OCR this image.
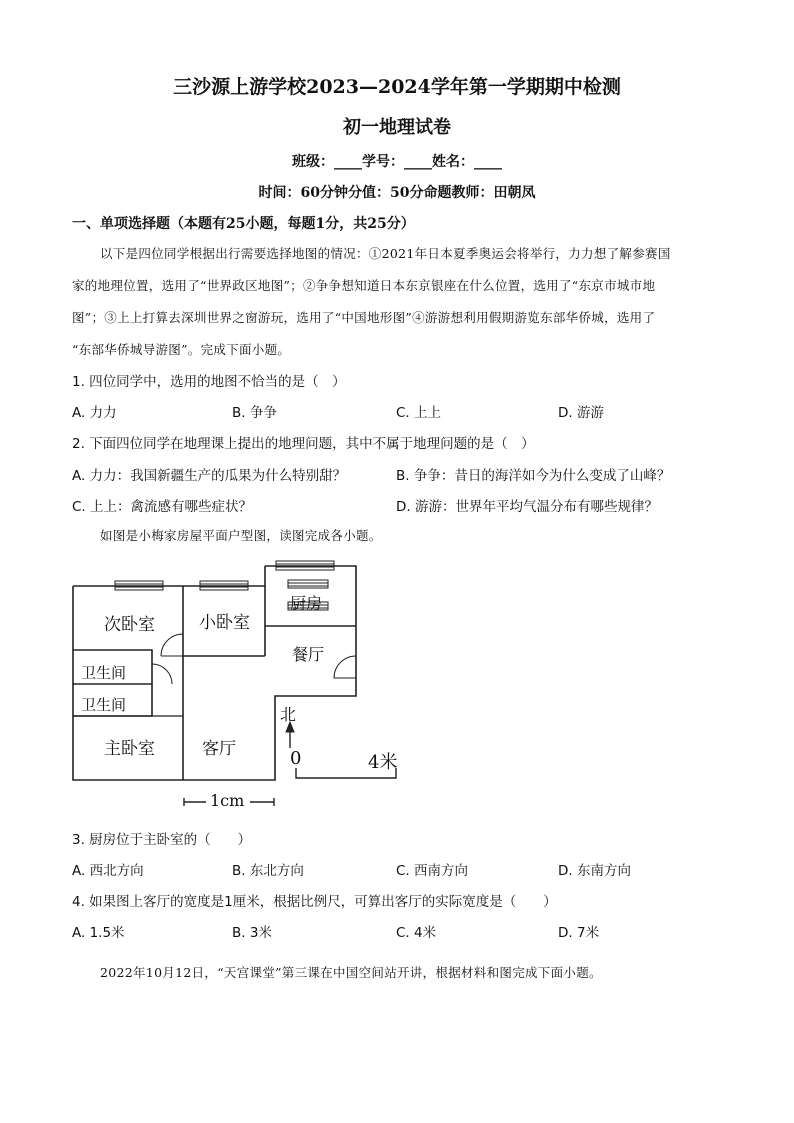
三沙源上游学校2023—2024学年第一学期期中检测
初一地理试卷
班级：____学号：____姓名：____
时间：60分钟分值：50分命题教师：田朝凤
一、单项选择题（本题有25小题，每题1分，共25分）
以下是四位同学根据出行需要选择地图的情况：①2021年日本夏季奥运会将举行，力力想了解参赛国
家的地理位置，选用了“世界政区地图”；②争争想知道日本东京银座在什么位置，选用了“东京市城市地
图”；③上上打算去深圳世界之窗游玩，选用了“中国地形图”④游游想利用假期游览东部华侨城，选用了
“东部华侨城导游图”。完成下面小题。
1. 四位同学中，选用的地图不恰当的是（　）
A. 力力	B. 争争	C. 上上	D. 游游
2. 下面四位同学在地理课上提出的地理问题，其中不属于地理问题的是（　）
A. 力力：我国新疆生产的瓜果为什么特别甜？	B. 争争：昔日的海洋如今为什么变成了山峰？
C. 上上：禽流感有哪些症状？	D. 游游：世界年平均气温分布有哪些规律？
如图是小梅家房屋平面户型图，读图完成各小题。
次卧室	小卧室
厨房
餐厅
卫生间
卫生间
主卧室	客厅
北
0	4米
1cm
3. 厨房位于主卧室的（　　）
A. 西北方向	B. 东北方向	C. 西南方向	D. 东南方向
4. 如果图上客厅的宽度是1厘米，根据比例尺，可算出客厅的实际宽度是（　　）
A. 1.5米	B. 3米	C. 4米	D. 7米
2022年10月12日，“天宫课堂”第三课在中国空间站开讲，根据材料和图完成下面小题。
